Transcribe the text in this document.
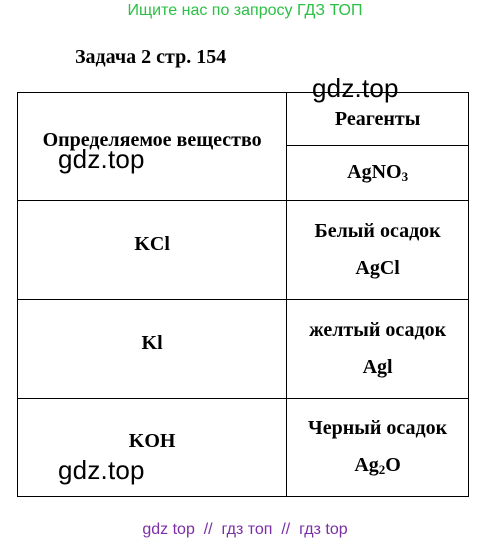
Ищите нас по запросу ГДЗ ТОП
Задача 2 стр. 154
Определяемое вещество	Реагенты
	AgNO$_3$

KCl	Белый осадок
AgCl

Kl	желтый осадок
Agl

KOH	Черный осадок
$Ag_2O$
gdz.top
gdz.top
gdz.top
gdz top // гдз топ // гдз top
